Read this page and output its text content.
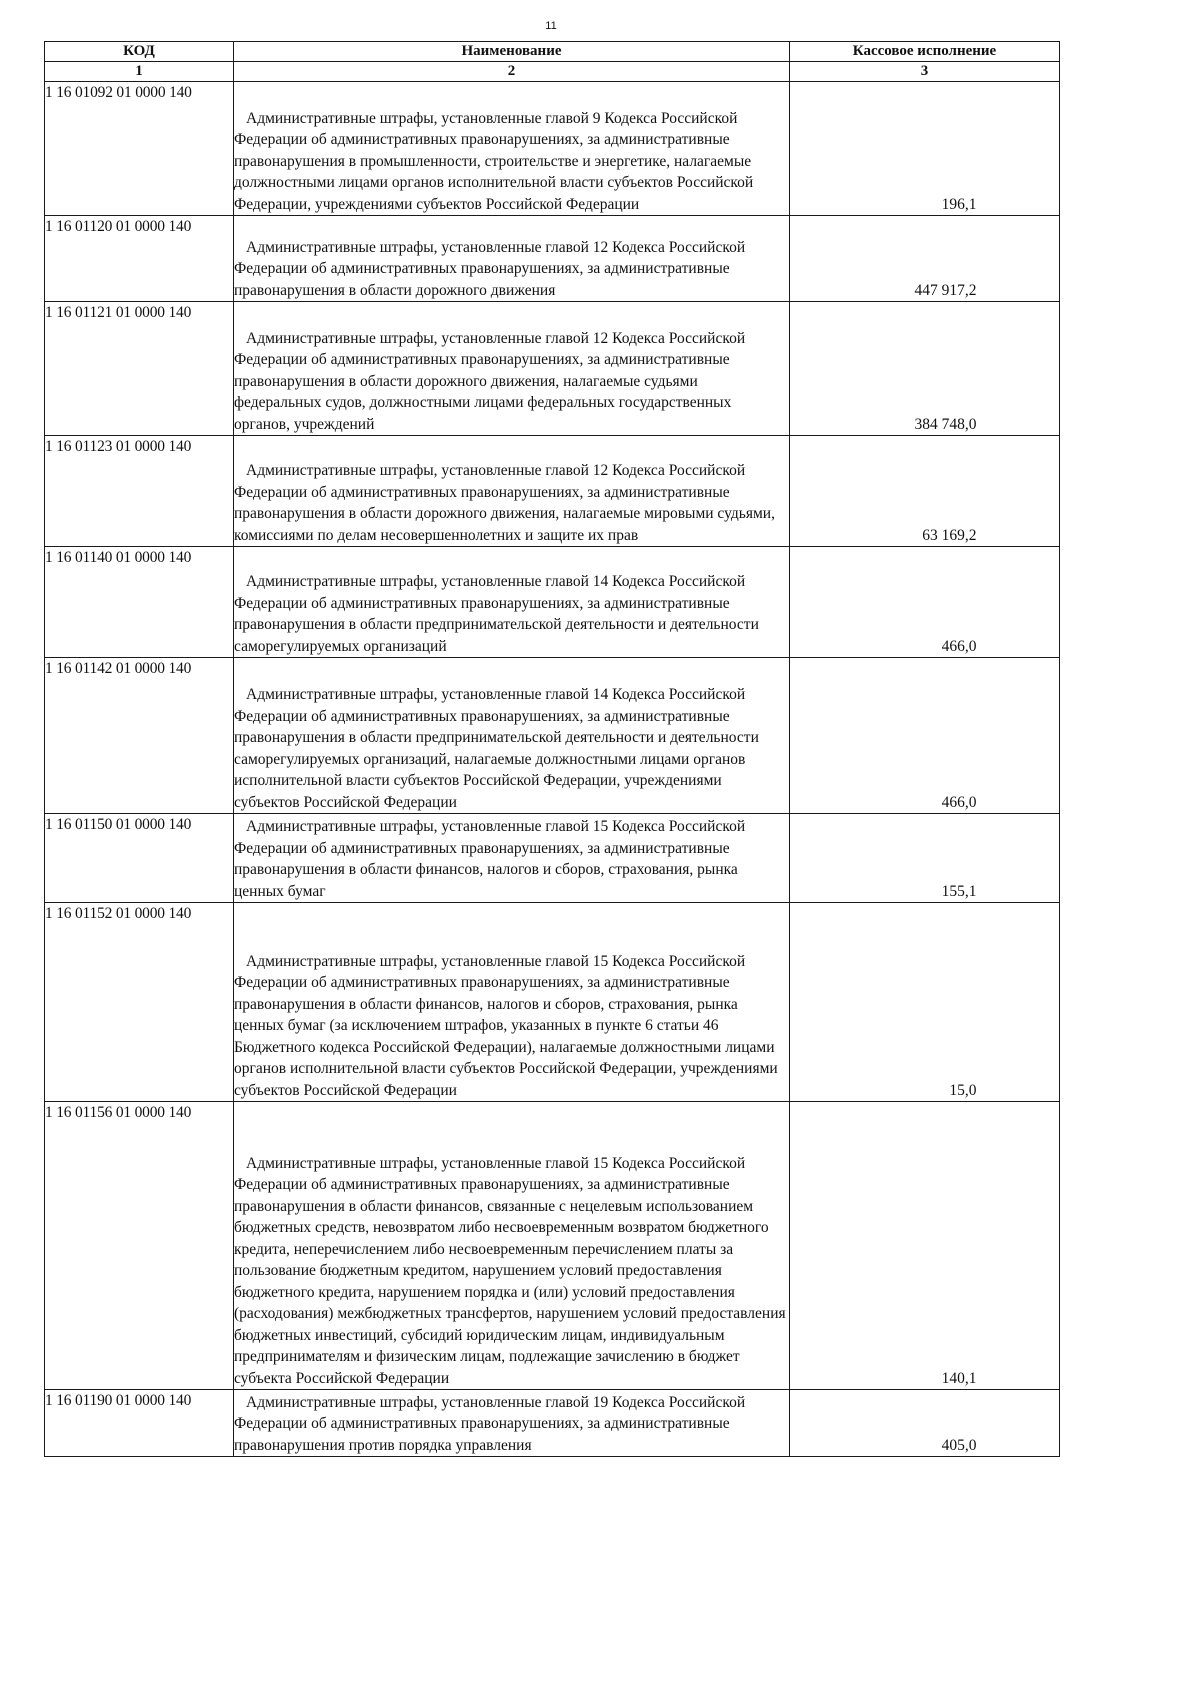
11
КОД	Наименование	Кассовое исполнение
1	2	3
1 16 01092 01 0000 140	Административные штрафы, установленные главой 9 Кодекса Российской Федерации об административных правонарушениях, за административные правонарушения в промышленности, строительстве и энергетике, налагаемые должностными лицами органов исполнительной власти субъектов Российской Федерации, учреждениями субъектов Российской Федерации	196,1
1 16 01120 01 0000 140	Административные штрафы, установленные главой 12 Кодекса Российской Федерации об административных правонарушениях, за административные правонарушения в области дорожного движения	447 917,2
1 16 01121 01 0000 140	Административные штрафы, установленные главой 12 Кодекса Российской Федерации об административных правонарушениях, за административные правонарушения в области дорожного движения, налагаемые судьями федеральных судов, должностными лицами федеральных государственных органов, учреждений	384 748,0
1 16 01123 01 0000 140	Административные штрафы, установленные главой 12 Кодекса Российской Федерации об административных правонарушениях, за административные правонарушения в области дорожного движения, налагаемые мировыми судьями, комиссиями по делам несовершеннолетних и защите их прав	63 169,2
1 16 01140 01 0000 140	Административные штрафы, установленные главой 14 Кодекса Российской Федерации об административных правонарушениях, за административные правонарушения в области предпринимательской деятельности и деятельности саморегулируемых организаций	466,0
1 16 01142 01 0000 140	Административные штрафы, установленные главой 14 Кодекса Российской Федерации об административных правонарушениях, за административные правонарушения в области предпринимательской деятельности и деятельности саморегулируемых организаций, налагаемые должностными лицами органов исполнительной власти субъектов Российской Федерации, учреждениями субъектов Российской Федерации	466,0
1 16 01150 01 0000 140	Административные штрафы, установленные главой 15 Кодекса Российской Федерации об административных правонарушениях, за административные правонарушения в области финансов, налогов и сборов, страхования, рынка ценных бумаг	155,1
1 16 01152 01 0000 140	Административные штрафы, установленные главой 15 Кодекса Российской Федерации об административных правонарушениях, за административные правонарушения в области финансов, налогов и сборов, страхования, рынка ценных бумаг (за исключением штрафов, указанных в пункте 6 статьи 46 Бюджетного кодекса Российской Федерации), налагаемые должностными лицами органов исполнительной власти субъектов Российской Федерации, учреждениями субъектов Российской Федерации	15,0
1 16 01156 01 0000 140	Административные штрафы, установленные главой 15 Кодекса Российской Федерации об административных правонарушениях, за административные правонарушения в области финансов, связанные с нецелевым использованием бюджетных средств, невозвратом либо несвоевременным возвратом бюджетного кредита, неперечислением либо несвоевременным перечислением платы за пользование бюджетным кредитом, нарушением условий предоставления бюджетного кредита, нарушением порядка и (или) условий предоставления (расходования) межбюджетных трансфертов, нарушением условий предоставления бюджетных инвестиций, субсидий юридическим лицам, индивидуальным предпринимателям и физическим лицам, подлежащие зачислению в бюджет субъекта Российской Федерации	140,1
1 16 01190 01 0000 140	Административные штрафы, установленные главой 19 Кодекса Российской Федерации об административных правонарушениях, за административные правонарушения против порядка управления	405,0
